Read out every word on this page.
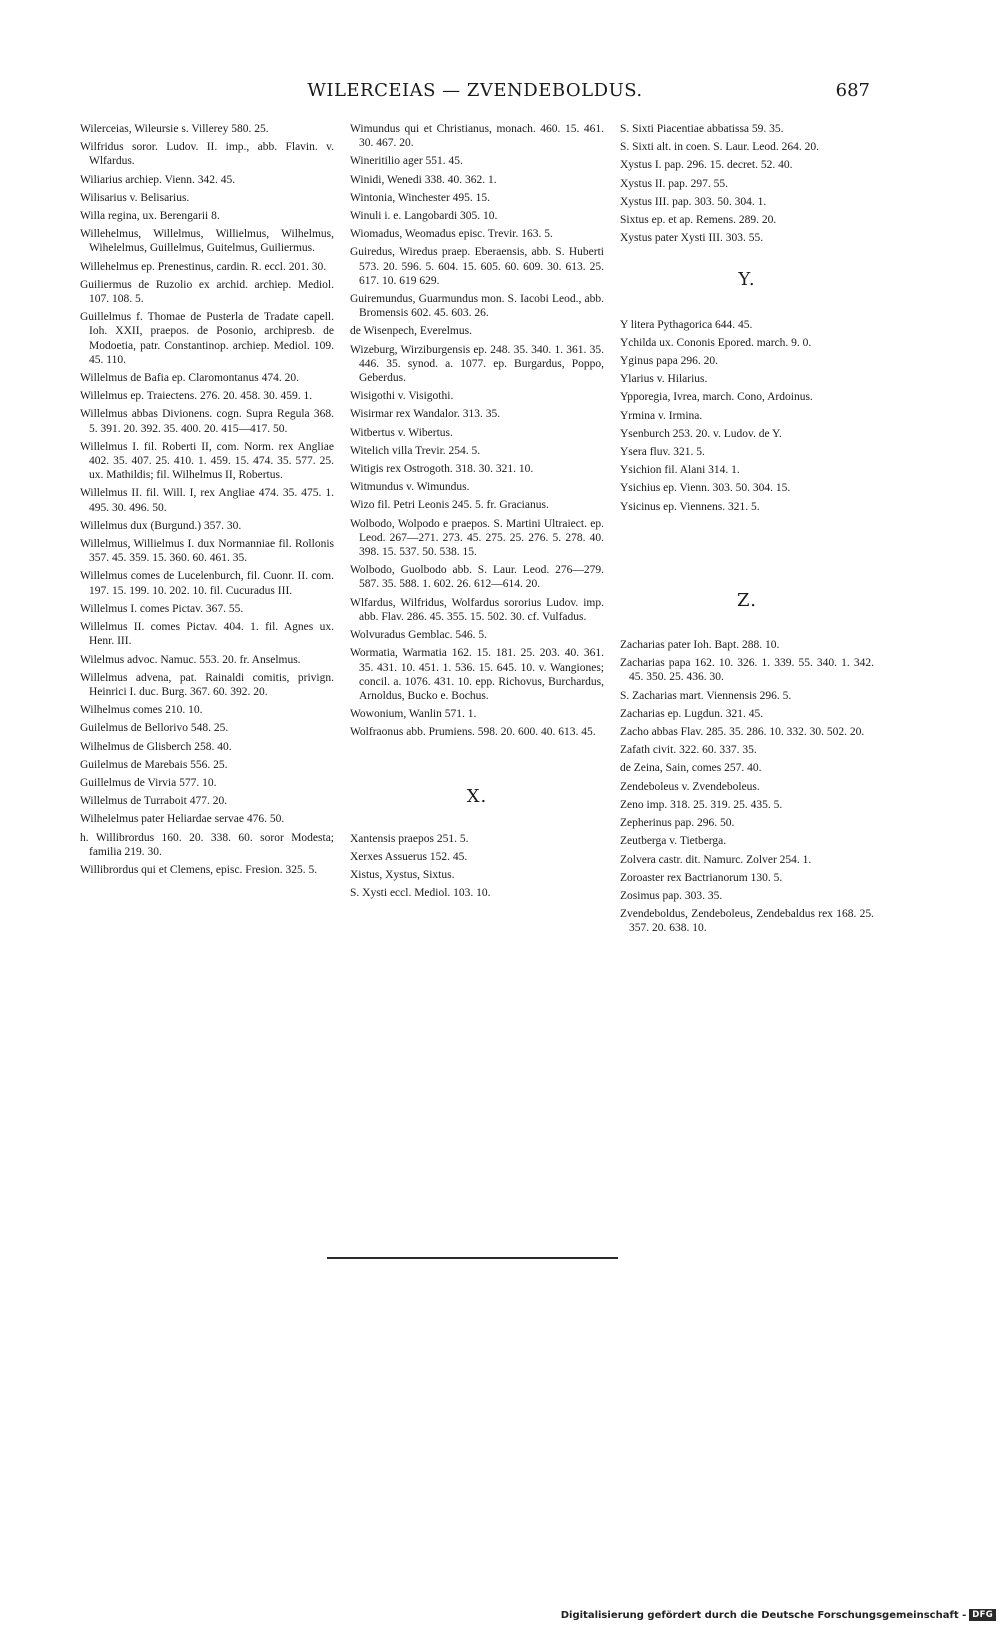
WILERCEIAS — ZVENDEBOLDUS.	687
Wilerceias, Wileursie s. Villerey 580. 25.
Wilfridus soror. Ludov. II. imp., abb. Flavin. v. Wlfardus.
Wiliarius archiep. Vienn. 342. 45.
Wilisarius v. Belisarius.
Willa regina, ux. Berengarii 8.
Willehelmus, Willelmus, Willielmus, Wilhelmus, Wihelelmus, Guillelmus, Guitelmus, Guiliermus.
Willehelmus ep. Prenestinus, cardin. R. eccl. 201. 30.
Guiliermus de Ruzolio ex archid. archiep. Mediol. 107. 108. 5.
Guillelmus f. Thomae de Pusterla de Tradate capell. Ioh. XXII, praepos. de Posonio, archipresb. de Modoetia, patr. Constantinop. archiep. Mediol. 109. 45. 110.
Willelmus de Bafia ep. Claromontanus 474. 20.
Willelmus ep. Traiectens. 276. 20. 458. 30. 459. 1.
Willelmus abbas Divionens. cogn. Supra Regula 368. 5. 391. 20. 392. 35. 400. 20. 415—417. 50.
Willelmus I. fil. Roberti II, com. Norm. rex Angliae 402. 35. 407. 25. 410. 1. 459. 15. 474. 35. 577. 25. ux. Mathildis; fil. Wilhelmus II, Robertus.
Willelmus II. fil. Will. I, rex Angliae 474. 35. 475. 1. 495. 30. 496. 50.
Willelmus dux (Burgund.) 357. 30.
Willelmus, Willielmus I. dux Normanniae fil. Rollonis 357. 45. 359. 15. 360. 60. 461. 35.
Willelmus comes de Lucelenburch, fil. Cuonr. II. com. 197. 15. 199. 10. 202. 10. fil. Cucuradus III.
Willelmus I. comes Pictav. 367. 55.
Willelmus II. comes Pictav. 404. 1. fil. Agnes ux. Henr. III.
Wilelmus advoc. Namuc. 553. 20. fr. Anselmus.
Willelmus advena, pat. Rainaldi comitis, privign. Heinrici I. duc. Burg. 367. 60. 392. 20.
Wilhelmus comes 210. 10.
Guilelmus de Bellorivo 548. 25.
Wilhelmus de Glisberch 258. 40.
Guilelmus de Marebais 556. 25.
Guillelmus de Virvia 577. 10.
Willelmus de Turraboit 477. 20.
Wilhelelmus pater Heliardae servae 476. 50.
h. Willibrordus 160. 20. 338. 60. soror Modesta; familia 219. 30.
Willibrordus qui et Clemens, episc. Fresion. 325. 5.
Wimundus qui et Christianus, monach. 460. 15. 461. 30. 467. 20.
Wineritilio ager 551. 45.
Winidi, Wenedi 338. 40. 362. 1.
Wintonia, Winchester 495. 15.
Winuli i. e. Langobardi 305. 10.
Wiomadus, Weomadus episc. Trevir. 163. 5.
Guiredus, Wiredus praep. Eberaensis, abb. S. Huberti 573. 20. 596. 5. 604. 15. 605. 60. 609. 30. 613. 25. 617. 10. 619 629.
Guiremundus, Guarmundus mon. S. Iacobi Leod., abb. Bromensis 602. 45. 603. 26.
de Wisenpech, Everelmus.
Wizeburg, Wirziburgensis ep. 248. 35. 340. 1. 361. 35. 446. 35. synod. a. 1077. ep. Burgardus, Poppo, Geberdus.
Wisigothi v. Visigothi.
Wisirmar rex Wandalor. 313. 35.
Witbertus v. Wibertus.
Witelich villa Trevir. 254. 5.
Witigis rex Ostrogoth. 318. 30. 321. 10.
Witmundus v. Wimundus.
Wizo fil. Petri Leonis 245. 5. fr. Gracianus.
Wolbodo, Wolpodo e praepos. S. Martini Ultraiect. ep. Leod. 267—271. 273. 45. 275. 25. 276. 5. 278. 40. 398. 15. 537. 50. 538. 15.
Wolbodo, Guolbodo abb. S. Laur. Leod. 276—279. 587. 35. 588. 1. 602. 26. 612—614. 20.
Wlfardus, Wilfridus, Wolfardus sororius Ludov. imp. abb. Flav. 286. 45. 355. 15. 502. 30. cf. Vulfadus.
Wolvuradus Gemblac. 546. 5.
Wormatia, Warmatia 162. 15. 181. 25. 203. 40. 361. 35. 431. 10. 451. 1. 536. 15. 645. 10. v. Wangiones; concil. a. 1076. 431. 10. epp. Richovus, Burchardus, Arnoldus, Bucko e. Bochus.
Wowonium, Wanlin 571. 1.
Wolfraonus abb. Prumiens. 598. 20. 600. 40. 613. 45.
X.
Xantensis praepos 251. 5.
Xerxes Assuerus 152. 45.
Xistus, Xystus, Sixtus.
S. Xysti eccl. Mediol. 103. 10.
S. Sixti Piacentiae abbatissa 59. 35.
S. Sixti alt. in coen. S. Laur. Leod. 264. 20.
Xystus I. pap. 296. 15. decret. 52. 40.
Xystus II. pap. 297. 55.
Xystus III. pap. 303. 50. 304. 1.
Sixtus ep. et ap. Remens. 289. 20.
Xystus pater Xysti III. 303. 55.
Y.
Y litera Pythagorica 644. 45.
Ychilda ux. Cononis Epored. march. 9. 0.
Yginus papa 296. 20.
Ylarius v. Hilarius.
Ypporegia, Ivrea, march. Cono, Ardoinus.
Yrmina v. Irmina.
Ysenburch 253. 20. v. Ludov. de Y.
Ysera fluv. 321. 5.
Ysichion fil. Alani 314. 1.
Ysichius ep. Vienn. 303. 50. 304. 15.
Ysicinus ep. Viennens. 321. 5.
Z.
Zacharias pater Ioh. Bapt. 288. 10.
Zacharias papa 162. 10. 326. 1. 339. 55. 340. 1. 342. 45. 350. 25. 436. 30.
S. Zacharias mart. Viennensis 296. 5.
Zacharias ep. Lugdun. 321. 45.
Zacho abbas Flav. 285. 35. 286. 10. 332. 30. 502. 20.
Zafath civit. 322. 60. 337. 35.
de Zeina, Sain, comes 257. 40.
Zendeboleus v. Zvendeboleus.
Zeno imp. 318. 25. 319. 25. 435. 5.
Zepherinus pap. 296. 50.
Zeutberga v. Tietberga.
Zolvera castr. dit. Namurc. Zolver 254. 1.
Zoroaster rex Bactrianorum 130. 5.
Zosimus pap. 303. 35.
Zvendeboldus, Zendeboleus, Zendebaldus rex 168. 25. 357. 20. 638. 10.
Digitalisierung gefördert durch die Deutsche Forschungsgemeinschaft - DFG
